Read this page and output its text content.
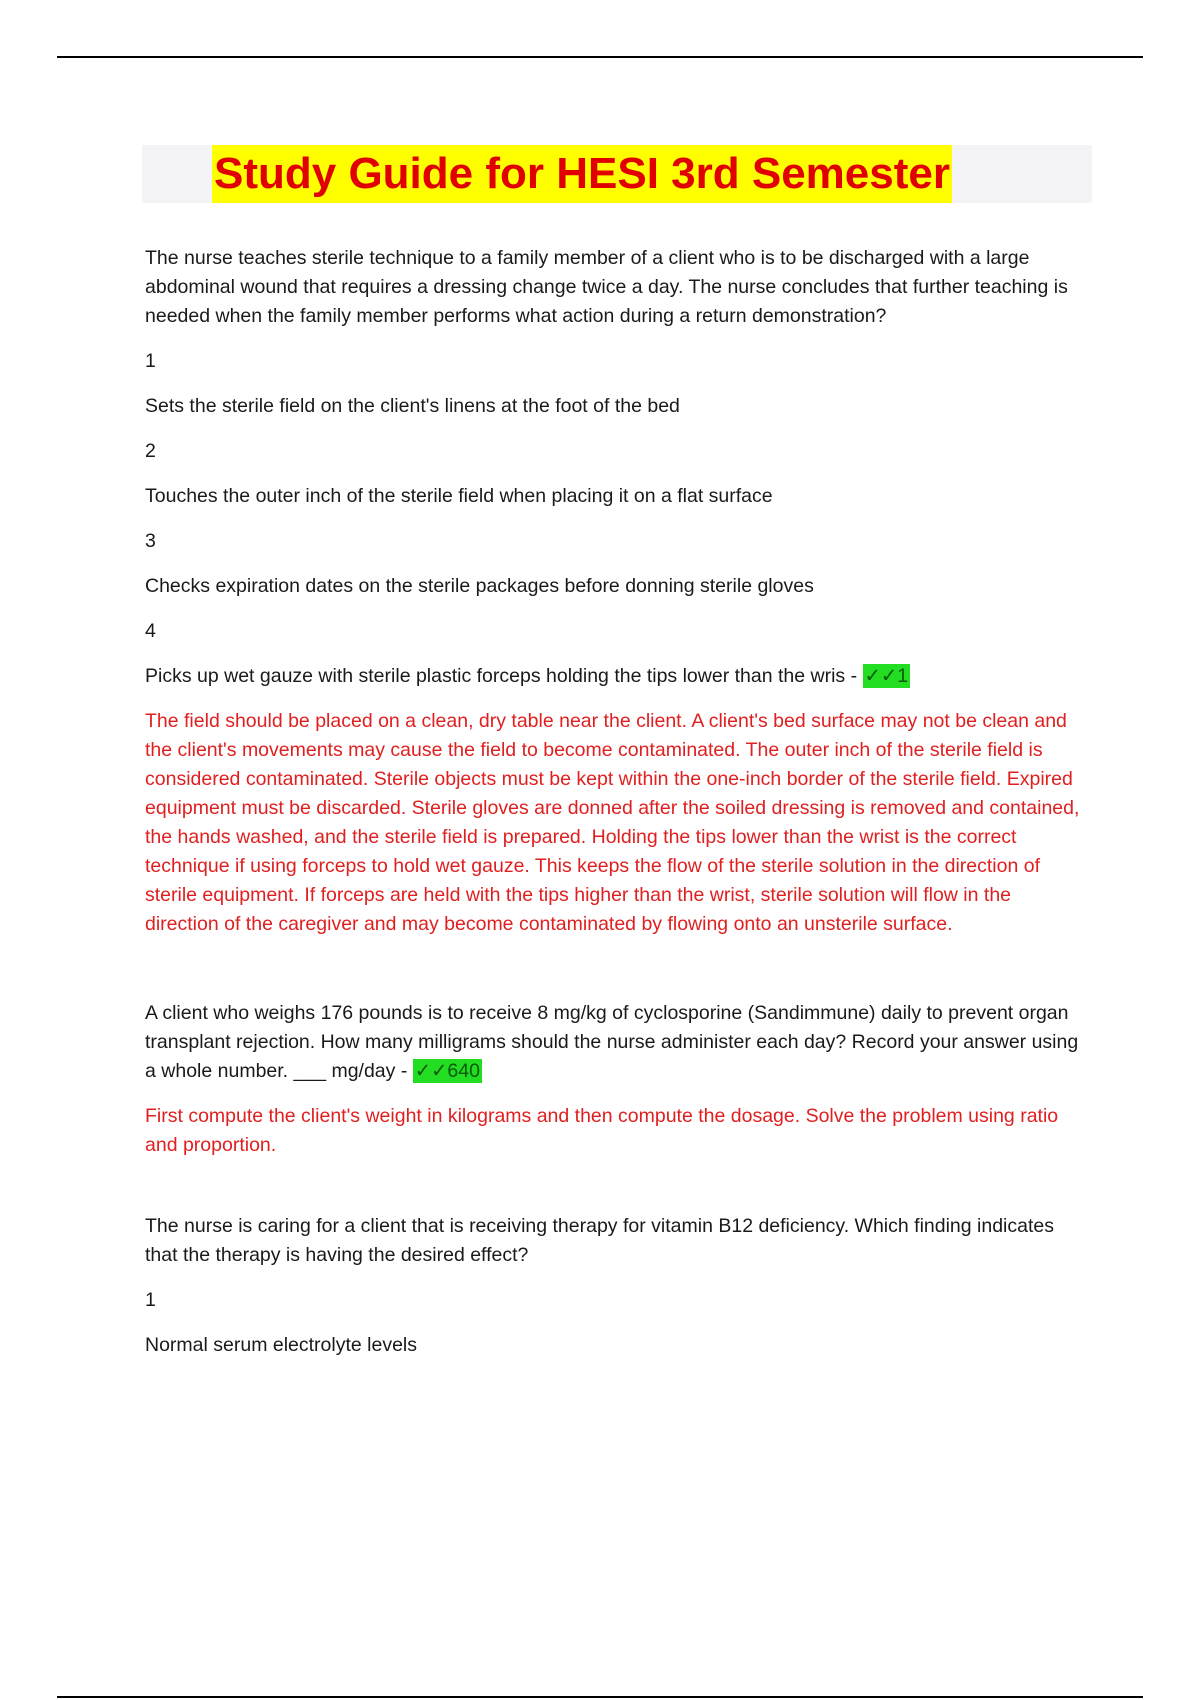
Study Guide for HESI 3rd Semester

The nurse teaches sterile technique to a family member of a client who is to be discharged with a large abdominal wound that requires a dressing change twice a day. The nurse concludes that further teaching is needed when the family member performs what action during a return demonstration?

1

Sets the sterile field on the client's linens at the foot of the bed

2

Touches the outer inch of the sterile field when placing it on a flat surface

3

Checks expiration dates on the sterile packages before donning sterile gloves

4

Picks up wet gauze with sterile plastic forceps holding the tips lower than the wris - ✓✓1

The field should be placed on a clean, dry table near the client. A client's bed surface may not be clean and the client's movements may cause the field to become contaminated. The outer inch of the sterile field is considered contaminated. Sterile objects must be kept within the one-inch border of the sterile field. Expired equipment must be discarded. Sterile gloves are donned after the soiled dressing is removed and contained, the hands washed, and the sterile field is prepared. Holding the tips lower than the wrist is the correct technique if using forceps to hold wet gauze. This keeps the flow of the sterile solution in the direction of sterile equipment. If forceps are held with the tips higher than the wrist, sterile solution will flow in the direction of the caregiver and may become contaminated by flowing onto an unsterile surface.

A client who weighs 176 pounds is to receive 8 mg/kg of cyclosporine (Sandimmune) daily to prevent organ transplant rejection. How many milligrams should the nurse administer each day? Record your answer using a whole number. ___ mg/day - ✓✓640

First compute the client's weight in kilograms and then compute the dosage. Solve the problem using ratio and proportion.

The nurse is caring for a client that is receiving therapy for vitamin B12 deficiency. Which finding indicates that the therapy is having the desired effect?

1

Normal serum electrolyte levels
